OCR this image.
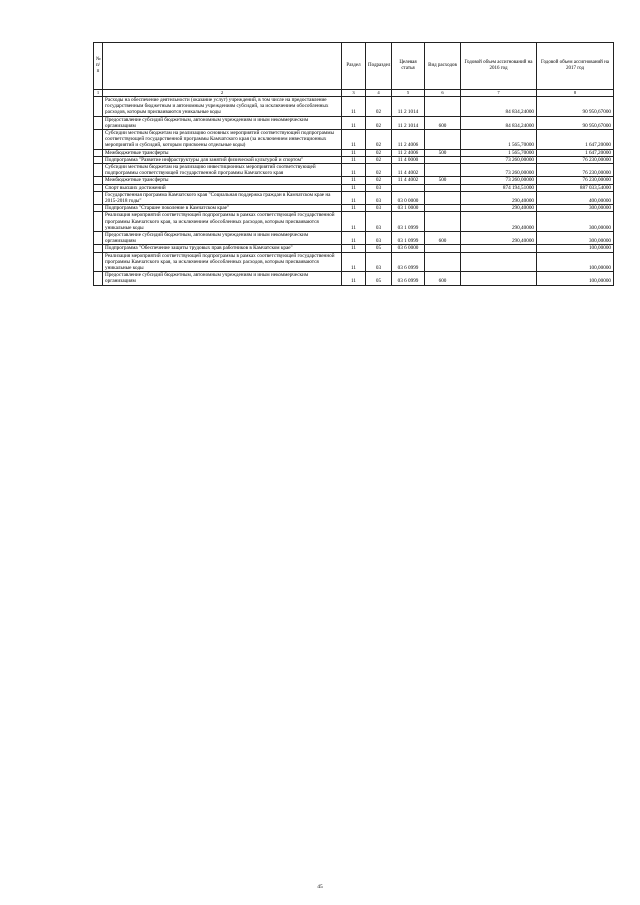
№ п/п		Раздел	Подраздел	Целевая статья	Вид расходов	Годовой объем ассигнований на 2016 год	Годовой объем ассигнований на 2017 год
1	2	3	4	5	6	7	8
	Расходы на обеспечение деятельности (оказание услуг) учреждений, в том числе на предоставление государственным бюджетным и автономным учреждениям субсидий, за исключением обособленных расходов, которым присваиваются уникальные коды	11	02	11 2 1014		84 834,24000	90 950,67000
	Предоставление субсидий бюджетным, автономным учреждениям и иным некоммерческим организациям	11	02	11 2 1014	600	84 834,24000	90 950,67000
	Субсидии местным бюджетам на реализацию основных мероприятий соответствующей подпрограммы соответствующей государственной программы Камчатского края (за исключением инвестиционных мероприятий и субсидий, которым присвоены отдельные коды)	11	02	11 2 4006		1 565,70000	1 647,20000
	Межбюджетные трансферты	11	02	11 2 4006	500	1 565,70000	1 647,20000
	Подпрограмма "Развитие инфраструктуры для занятий физической культурой и спортом"	11	02	11 4 0000		73 260,00000	76 230,00000
	Субсидии местным бюджетам на реализацию инвестиционных мероприятий соответствующей подпрограммы соответствующей государственной программы Камчатского края	11	02	11 4 4002		73 260,00000	76 230,00000
	Межбюджетные трансферты	11	02	11 4 4002	500	73 260,00000	76 230,00000
	Спорт высших достижений	11	03			874 194,51000	887 033,54000
	Государственная программа Камчатского края "Социальная поддержка граждан в Камчатском крае на 2015-2018 годы"	11	03	03 0 0000		290,40000	400,00000
	Подпрограмма "Старшее поколение в Камчатском крае"	11	03	03 1 0000		290,40000	300,00000
	Реализация мероприятий соответствующей подпрограммы в рамках соответствующей государственной программы Камчатского края, за исключением обособленных расходов, которым присваиваются уникальные коды	11	03	03 1 0999		290,40000	300,00000
	Предоставление субсидий бюджетным, автономным учреждениям и иным некоммерческим организациям	11	03	03 1 0999	600	290,40000	300,00000
	Подпрограмма "Обеспечение защиты трудовых прав работников в Камчатском крае"	11	05	03 6 0000			100,00000
	Реализация мероприятий соответствующей подпрограммы в рамках соответствующей государственной программы Камчатского края, за исключением обособленных расходов, которым присваиваются уникальные коды	11	03	03 6 0999			100,00000
	Предоставление субсидий бюджетным, автономным учреждениям и иным некоммерческим организациям	11	05	03 6 0999	600		100,00000
45
